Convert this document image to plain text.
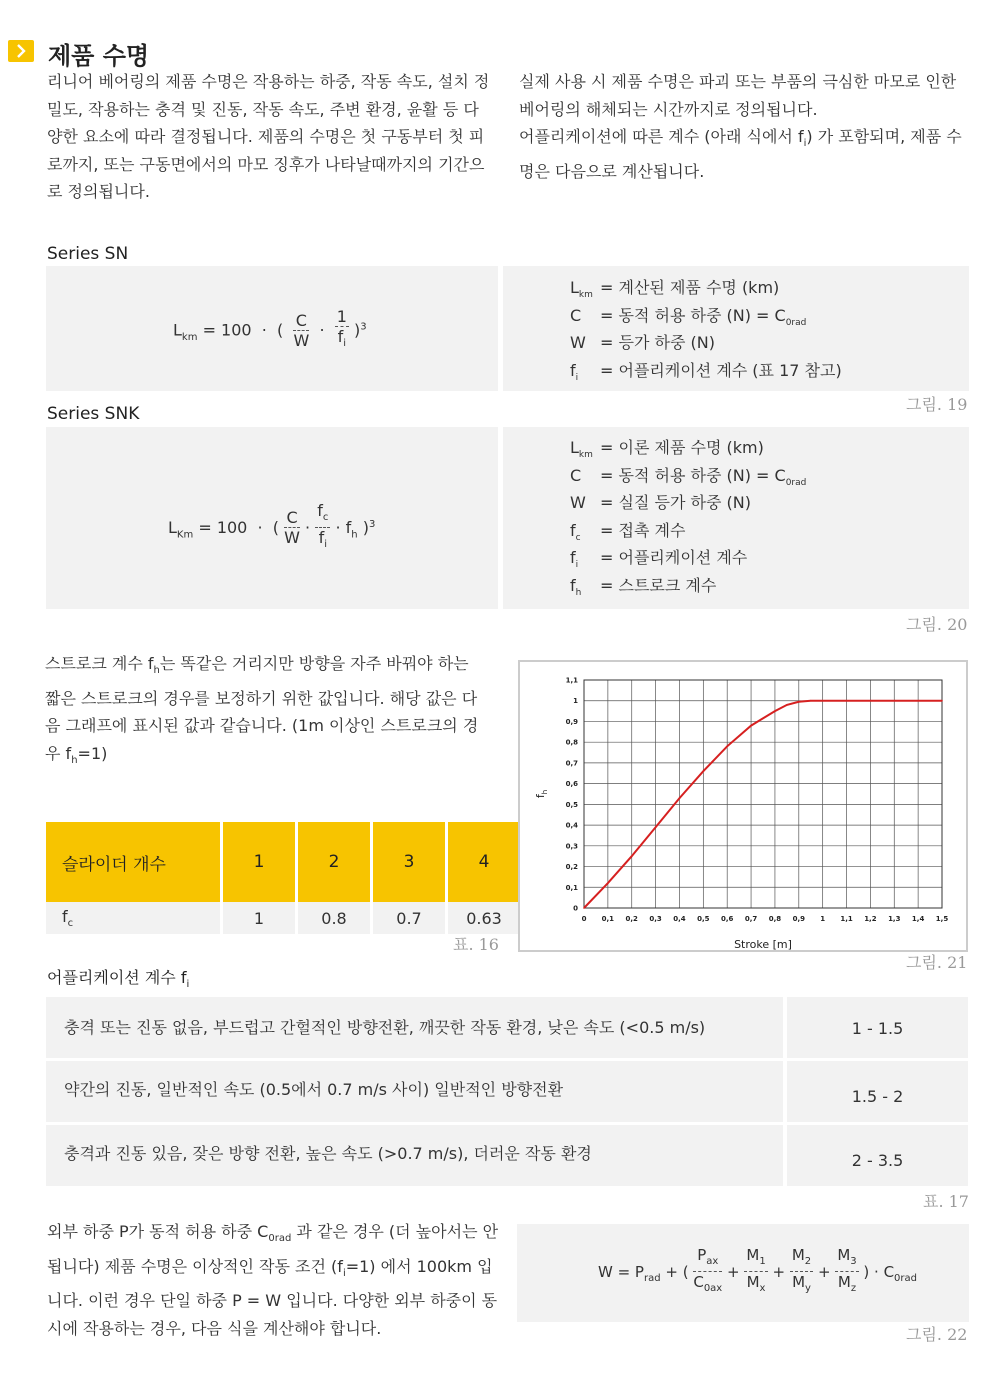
제품 수명
리니어 베어링의 제품 수명은 작용하는 하중, 작동 속도, 설치 정
밀도, 작용하는 충격 및 진동, 작동 속도, 주변 환경, 윤활 등 다
양한 요소에 따라 결정됩니다. 제품의 수명은 첫 구동부터 첫 피
로까지, 또는 구동면에서의 마모 징후가 나타날때까지의 기간으
로 정의됩니다.
실제 사용 시 제품 수명은 파괴 또는 부품의 극심한 마모로 인한
베어링의 해체되는 시간까지로 정의됩니다.
어플리케이션에 따른 계수 (아래 식에서 $f_i$) 가 포함되며, 제품 수
명은 다음으로 계산됩니다.
Series SN
$L_{km} = 100$  ·  ( $\frac{C}{W} \cdot \frac{1}{f_i} )^3$
$L_{km}$ = 계산된 제품 수명 (km)
C = 동적 허용 하중 $(N) = C_{0rad}$
W = 등가 하중 (N)
$f_i$ = 어플리케이션 계수 (표 17 참고)
그림. 19
Series SNK
$L_{Km} = 100$  ·  ( $\frac{C}{W} \cdot \frac{f_c}{f_i} \cdot f_h$ )$^3$
$L_{km}$ = 이론 제품 수명 (km)
C = 동적 허용 하중 $(N) = C_{0rad}$
W = 실질 등가 하중 (N)
$f_c$ = 접촉 계수
$f_i$ = 어플리케이션 계수
$f_h$ = 스트로크 계수
그림. 20
스트로크 계수 $f_h$는 똑같은 거리지만 방향을 자주 바꿔야 하는
짧은 스트로크의 경우를 보정하기 위한 값입니다. 해당 값은 다
음 그래프에 표시된 값과 같습니다. (1m 이상인 스트로크의 경
우 $f_h=1$)
슬라이더 개수	1	2	3	4
$f_c$	1	0.8	0.7	0.63
표. 16
0 0,1 0,2 0,3 0,4 0,5 0,6 0,7 0,8 0,9 1 1,1 1,2 1,3 1,4 1,5
0
0,1
0,2
0,3
0,4
0,5
0,6
0,7
0,8
0,9
1
1,1
Stroke [m]
$f_h$
그림. 21
어플리케이션 계수 $f_i$
충격 또는 진동 없음, 부드럽고 간헐적인 방향전환, 깨끗한 작동 환경, 낮은 속도 (<0.5 m/s)	1 - 1.5
약간의 진동, 일반적인 속도 (0.5에서 0.7 m/s 사이) 일반적인 방향전환	1.5 - 2
충격과 진동 있음, 잦은 방향 전환, 높은 속도 (>0.7 m/s), 더러운 작동 환경	2 - 3.5
표. 17
외부 하중 P가 동적 허용 하중 $C_{0rad}$ 과 같은 경우 (더 높아서는 안
됩니다) 제품 수명은 이상적인 작동 조건 $(f_i=1)$ 에서 100km 입
니다. 이런 경우 단일 하중 P = W 입니다. 다양한 외부 하중이 동
시에 작용하는 경우, 다음 식을 계산해야 합니다.
$W = P_{rad}$ + ( $\frac{P_{ax}}{C_{0ax}} + \frac{M_1}{M_x} + \frac{M_2}{M_y} + \frac{M_3}{M_z}$ ) · $C_{0rad}$
그림. 22
